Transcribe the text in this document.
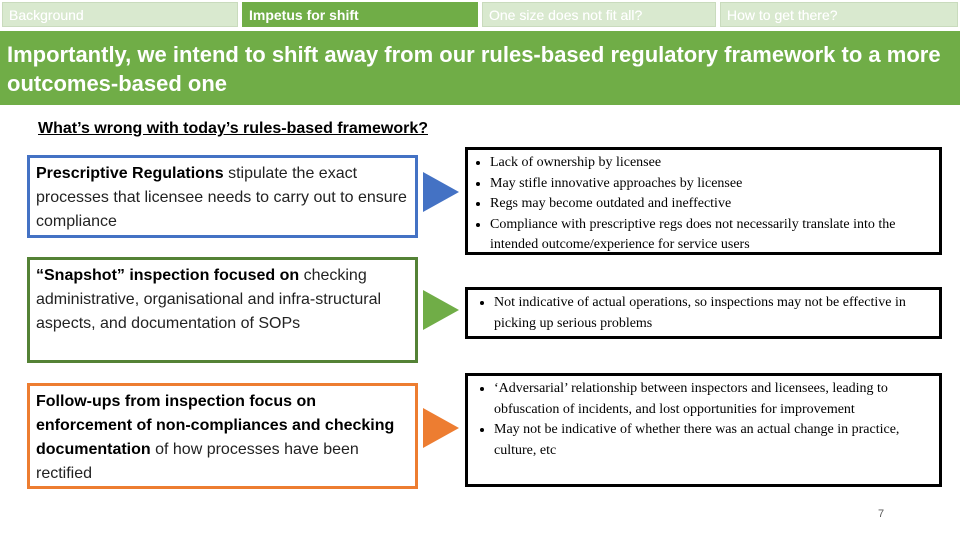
Background	Impetus for shift	One size does not fit all?	How to get there?
Importantly, we intend to shift away from our rules-based regulatory framework to a more outcomes-based one
What’s wrong with today’s rules-based framework?
Prescriptive Regulations stipulate the exact processes that licensee needs to carry out to ensure compliance
• Lack of ownership by licensee
• May stifle innovative approaches by licensee
• Regs may become outdated and ineffective
• Compliance with prescriptive regs does not necessarily translate into the intended outcome/experience for service users
“Snapshot” inspection focused on checking administrative, organisational and infra-structural aspects, and documentation of SOPs
• Not indicative of actual operations, so inspections may not be effective in picking up serious problems
Follow-ups from inspection focus on enforcement of non-compliances and checking documentation of how processes have been rectified
• ‘Adversarial’ relationship between inspectors and licensees, leading to obfuscation of incidents, and lost opportunities for improvement
• May not be indicative of whether there was an actual change in practice, culture, etc
7
